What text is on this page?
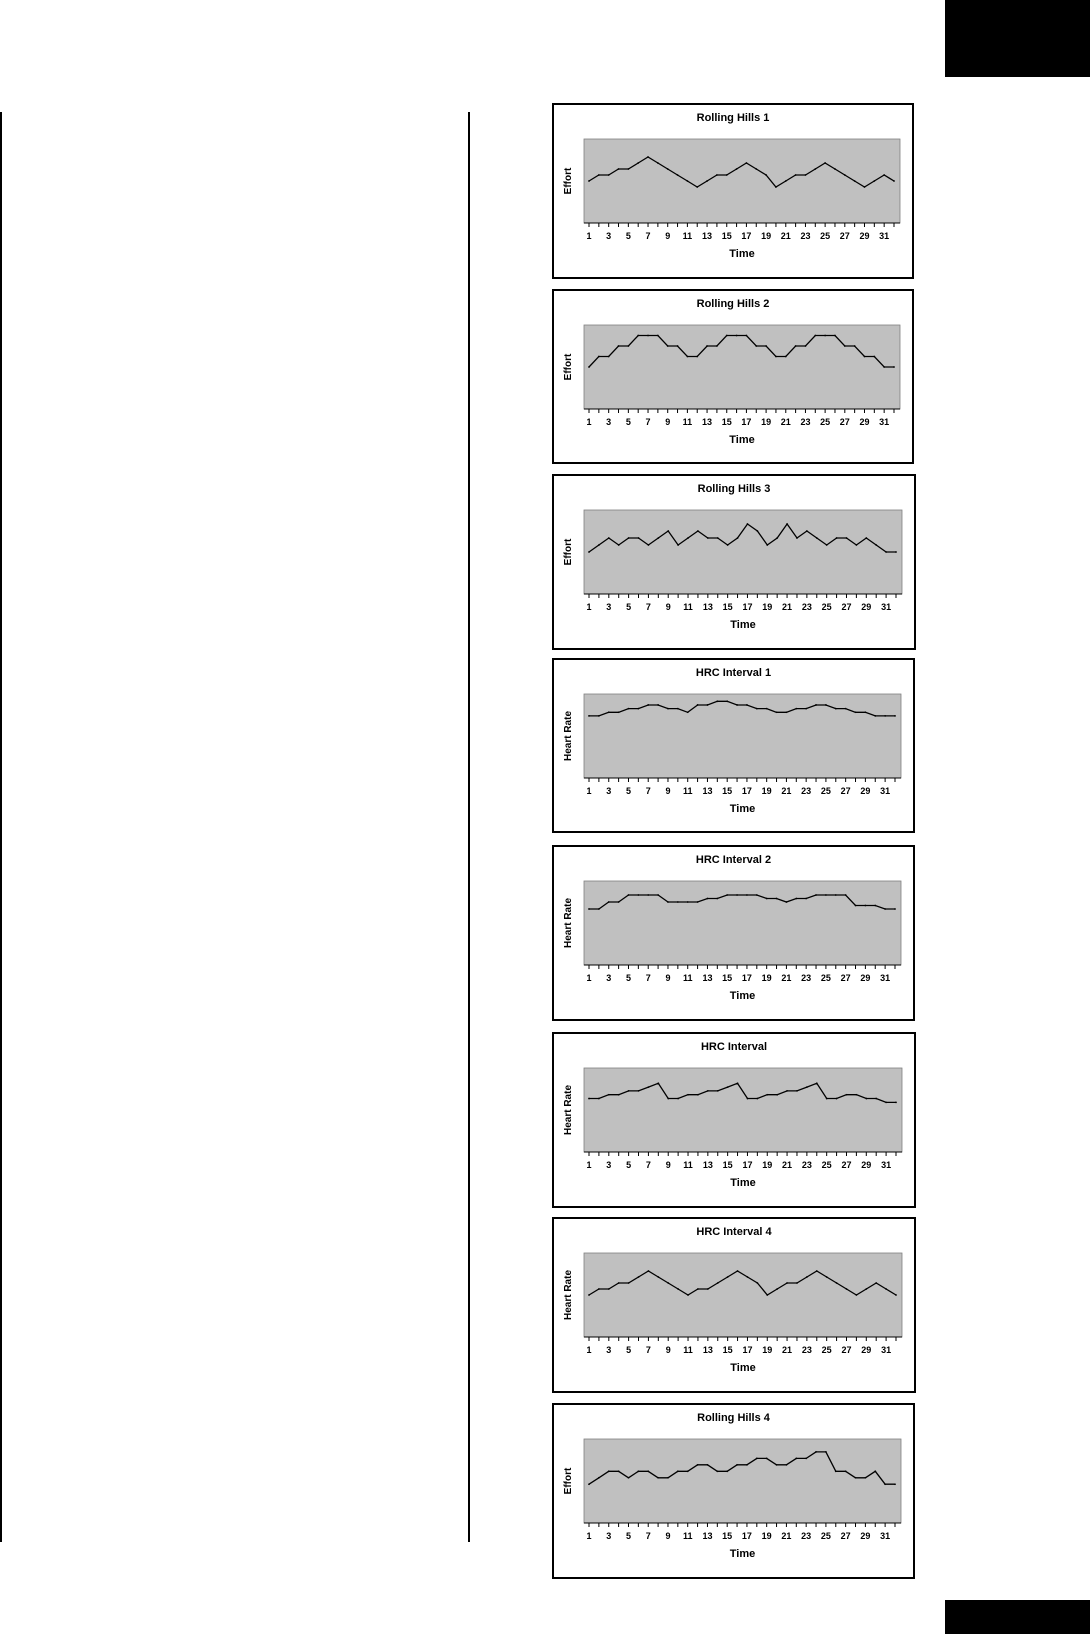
Rolling Hills 1
Effort
1 3 5 7 9 11 13 15 17 19 21 23 25 27 29 31
Time
Rolling Hills 2
Effort
1 3 5 7 9 11 13 15 17 19 21 23 25 27 29 31
Time
Rolling Hills 3
Effort
1 3 5 7 9 11 13 15 17 19 21 23 25 27 29 31
Time
HRC Interval 1
Heart Rate
1 3 5 7 9 11 13 15 17 19 21 23 25 27 29 31
Time
HRC Interval 2
Heart Rate
1 3 5 7 9 11 13 15 17 19 21 23 25 27 29 31
Time
HRC Interval
Heart Rate
1 3 5 7 9 11 13 15 17 19 21 23 25 27 29 31
Time
HRC Interval 4
Heart Rate
1 3 5 7 9 11 13 15 17 19 21 23 25 27 29 31
Time
Rolling Hills 4
Effort
1 3 5 7 9 11 13 15 17 19 21 23 25 27 29 31
Time
